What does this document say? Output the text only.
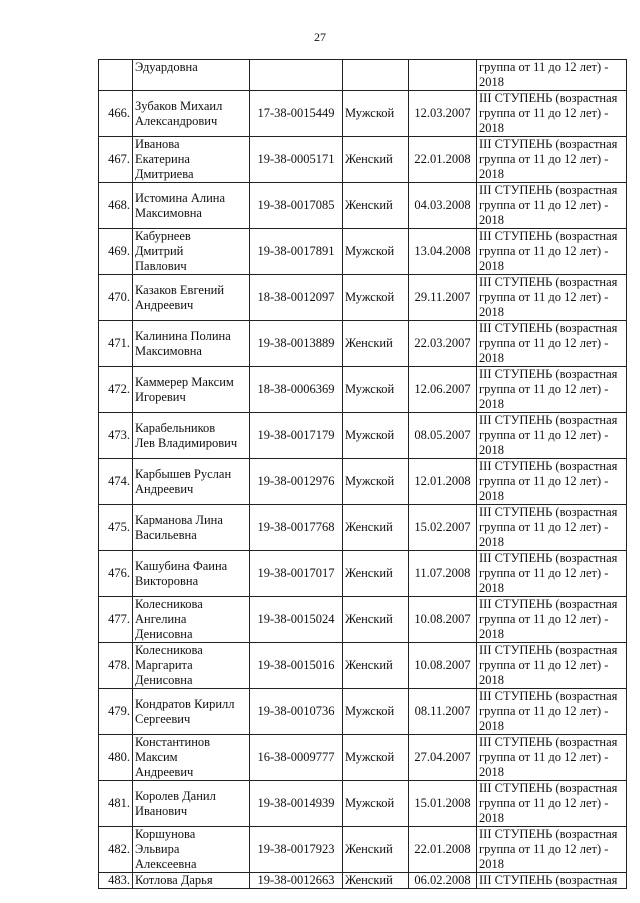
27

	Эдуардовна				группа от 11 до 12 лет) -
2018

466.	Зубаков Михаил
Александрович	17-38-0015449	Мужской	12.03.2007	III СТУПЕНЬ (возрастная
группа от 11 до 12 лет) -
2018

467.	Иванова
Екатерина
Дмитриева	19-38-0005171	Женский	22.01.2008	III СТУПЕНЬ (возрастная
группа от 11 до 12 лет) -
2018

468.	Истомина Алина
Максимовна	19-38-0017085	Женский	04.03.2008	III СТУПЕНЬ (возрастная
группа от 11 до 12 лет) -
2018

469.	Кабурнеев
Дмитрий
Павлович	19-38-0017891	Мужской	13.04.2008	III СТУПЕНЬ (возрастная
группа от 11 до 12 лет) -
2018

470.	Казаков Евгений
Андреевич	18-38-0012097	Мужской	29.11.2007	III СТУПЕНЬ (возрастная
группа от 11 до 12 лет) -
2018

471.	Калинина Полина
Максимовна	19-38-0013889	Женский	22.03.2007	III СТУПЕНЬ (возрастная
группа от 11 до 12 лет) -
2018

472.	Каммерер Максим
Игоревич	18-38-0006369	Мужской	12.06.2007	III СТУПЕНЬ (возрастная
группа от 11 до 12 лет) -
2018

473.	Карабельников
Лев Владимирович	19-38-0017179	Мужской	08.05.2007	III СТУПЕНЬ (возрастная
группа от 11 до 12 лет) -
2018

474.	Карбышев Руслан
Андреевич	19-38-0012976	Мужской	12.01.2008	III СТУПЕНЬ (возрастная
группа от 11 до 12 лет) -
2018

475.	Карманова Лина
Васильевна	19-38-0017768	Женский	15.02.2007	III СТУПЕНЬ (возрастная
группа от 11 до 12 лет) -
2018

476.	Кашубина Фаина
Викторовна	19-38-0017017	Женский	11.07.2008	III СТУПЕНЬ (возрастная
группа от 11 до 12 лет) -
2018

477.	Колесникова
Ангелина
Денисовна	19-38-0015024	Женский	10.08.2007	III СТУПЕНЬ (возрастная
группа от 11 до 12 лет) -
2018

478.	Колесникова
Маргарита
Денисовна	19-38-0015016	Женский	10.08.2007	III СТУПЕНЬ (возрастная
группа от 11 до 12 лет) -
2018

479.	Кондратов Кирилл
Сергеевич	19-38-0010736	Мужской	08.11.2007	III СТУПЕНЬ (возрастная
группа от 11 до 12 лет) -
2018

480.	Константинов
Максим
Андреевич	16-38-0009777	Мужской	27.04.2007	III СТУПЕНЬ (возрастная
группа от 11 до 12 лет) -
2018

481.	Королев Данил
Иванович	19-38-0014939	Мужской	15.01.2008	III СТУПЕНЬ (возрастная
группа от 11 до 12 лет) -
2018

482.	Коршунова
Эльвира
Алексеевна	19-38-0017923	Женский	22.01.2008	III СТУПЕНЬ (возрастная
группа от 11 до 12 лет) -
2018

483.	Котлова Дарья	19-38-0012663	Женский	06.02.2008	III СТУПЕНЬ (возрастная
